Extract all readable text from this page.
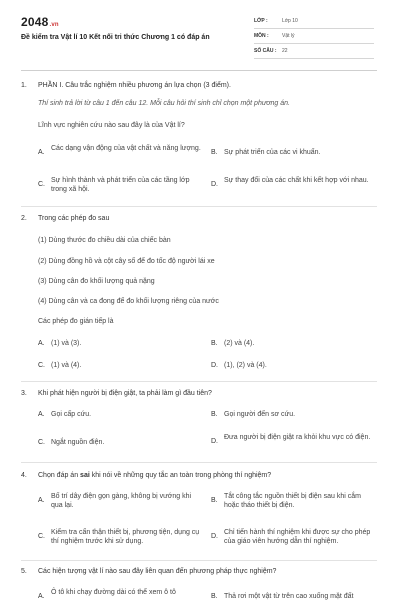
2048.vn
Đề kiểm tra Vật lí 10 Kết nối tri thức Chương 1 có đáp án
LỚP :	Lớp 10
MÔN :	Vật lý
SỐ CÂU :	22
1.	PHẦN I. Câu trắc nghiệm nhiều phương án lựa chọn (3 điểm).
Thí sinh trả lời từ câu 1 đến câu 12. Mỗi câu hỏi thí sinh chỉ chọn một phương án.
Lĩnh vực nghiên cứu nào sau đây là của Vật lí?
A.
Các dạng vận động của vật chất và năng lượng.
B. Sự phát triển của các vi khuẩn.
C.
Sự hình thành và phát triển của các tầng lớp trong xã hội.
D.
Sự thay đổi của các chất khi kết hợp với nhau.
2.	Trong các phép đo sau
(1) Dùng thước đo chiều dài của chiếc bàn
(2) Dùng đồng hồ và cột cây số để đo tốc độ người lái xe
(3) Dùng cân đo khối lượng quả nặng
(4) Dùng cân và ca đong để đo khối lượng riêng của nước
Các phép đo gián tiếp là
A. (1) và (3).	B. (2) và (4).
C. (1) và (4).	D. (1), (2) và (4).
3.	Khi phát hiện người bị điện giật, ta phải làm gì đầu tiên?
A. Gọi cấp cứu.	B. Gọi người đến sơ cứu.
C. Ngắt nguồn điện.	D.
Đưa người bị điện giật ra khỏi khu vực có điện.
4.	Chọn đáp án sai khi nói về những quy tắc an toàn trong phòng thí nghiệm?
A.
Bố trí dây điện gọn gàng, không bị vướng khi qua lại.
B.
Tắt công tắc nguồn thiết bị điện sau khi cắm hoặc tháo thiết bị điện.
C.
Kiểm tra cẩn thận thiết bị, phương tiện, dụng cụ thí nghiệm trước khi sử dụng.
D.
Chỉ tiến hành thí nghiệm khi được sự cho phép của giáo viên hướng dẫn thí nghiệm.
5.	Các hiện tượng vật lí nào sau đây liên quan đến phương pháp thực nghiệm?
A.
Ô tô khi chạy đường dài có thể xem ô tô
B. Thả rơi một vật từ trên cao xuống mặt đất
